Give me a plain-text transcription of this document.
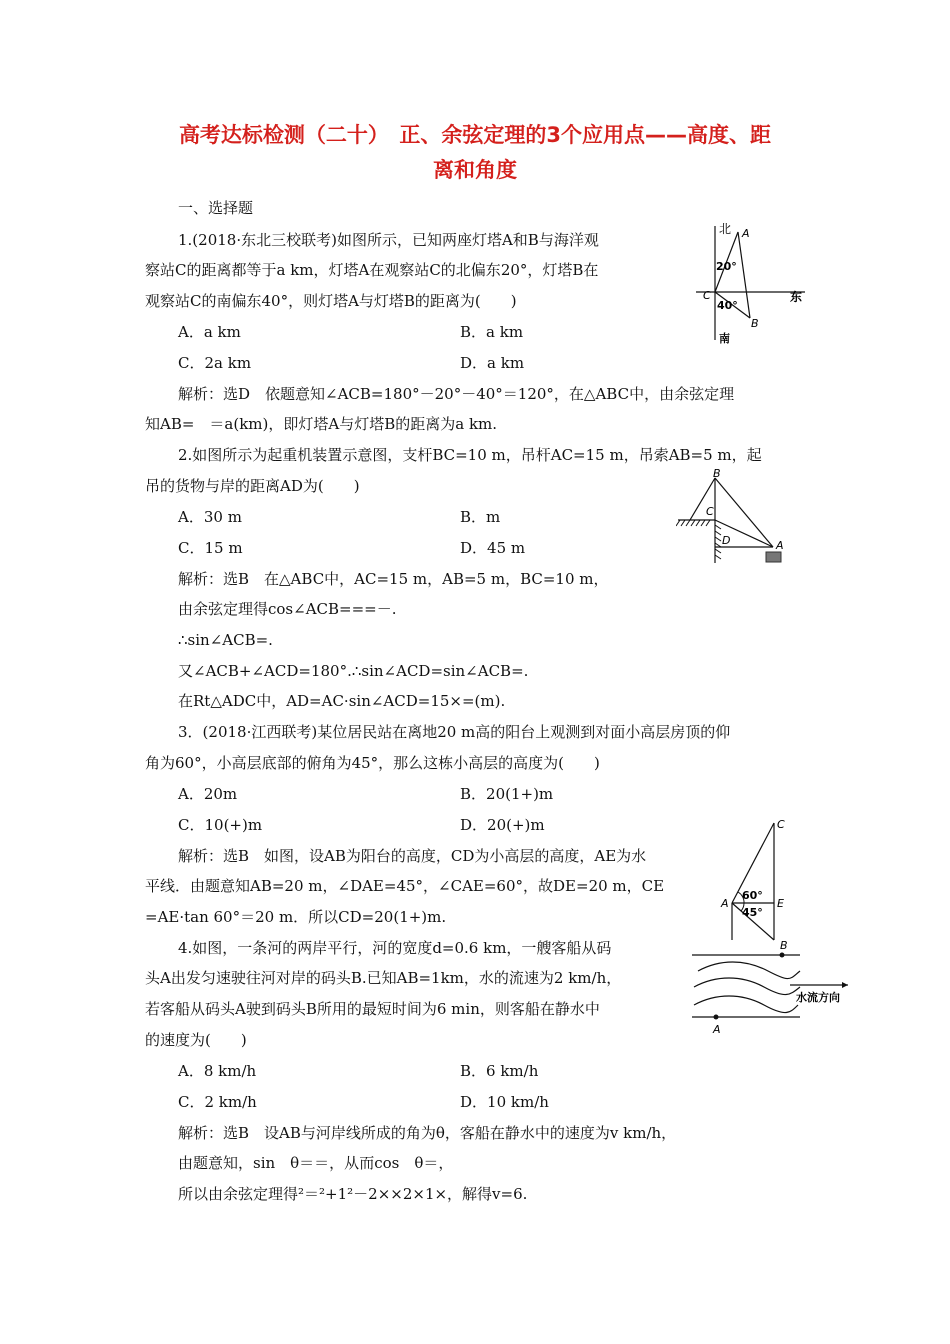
高考达标检测（二十）　正、余弦定理的3个应用点——高度、距
离和角度
一、选择题
1.(2018·东北三校联考)如图所示，已知两座灯塔A和B与海洋观
察站C的距离都等于a km，灯塔A在观察站C的北偏东20°，灯塔B在
观察站C的南偏东40°，则灯塔A与灯塔B的距离为(　　)
A．a km	B．a km
C．2a km	D．a km
解析：选D　依题意知∠ACB=180°－20°－40°＝120°，在△ABC中，由余弦定理
知AB=　＝a(km)，即灯塔A与灯塔B的距离为a km.
北
东
南
A
B
C
20°
40°
2.如图所示为起重机装置示意图，支杆BC=10 m，吊杆AC=15 m，吊索AB=5 m，起
吊的货物与岸的距离AD为(　　)
A．30 m	B．m
C．15 m	D．45 m
解析：选B　在△ABC中，AC=15 m，AB=5 m，BC=10 m，
由余弦定理得cos∠ACB===－.
∴sin∠ACB=.
又∠ACB+∠ACD=180°.∴sin∠ACD=sin∠ACB=.
在Rt△ADC中，AD=AC·sin∠ACD=15×=(m).
B
C
D	A
3．(2018·江西联考)某位居民站在离地20 m高的阳台上观测到对面小高层房顶的仰
角为60°，小高层底部的俯角为45°，那么这栋小高层的高度为(　　)
A．20m	B．20(1+)m
C．10(+)m	D．20(+)m
解析：选B　如图，设AB为阳台的高度，CD为小高层的高度，AE为水
平线．由题意知AB=20 m，∠DAE=45°，∠CAE=60°，故DE=20 m，CE
=AE·tan 60°＝20 m．所以CD=20(1+)m.
C
A	E
60°
45°
4.如图，一条河的两岸平行，河的宽度d=0.6 km，一艘客船从码
头A出发匀速驶往河对岸的码头B.已知AB=1km，水的流速为2 km/h，
若客船从码头A驶到码头B所用的最短时间为6 min，则客船在静水中
的速度为(　　)
A．8 km/h	B．6 km/h
C．2 km/h	D．10 km/h
解析：选B　设AB与河岸线所成的角为θ，客船在静水中的速度为v km/h，
由题意知，sin　θ＝＝，从而cos　θ＝，
所以由余弦定理得²＝²+1²－2××2×1×，解得v=6.
B
A
水流方向
